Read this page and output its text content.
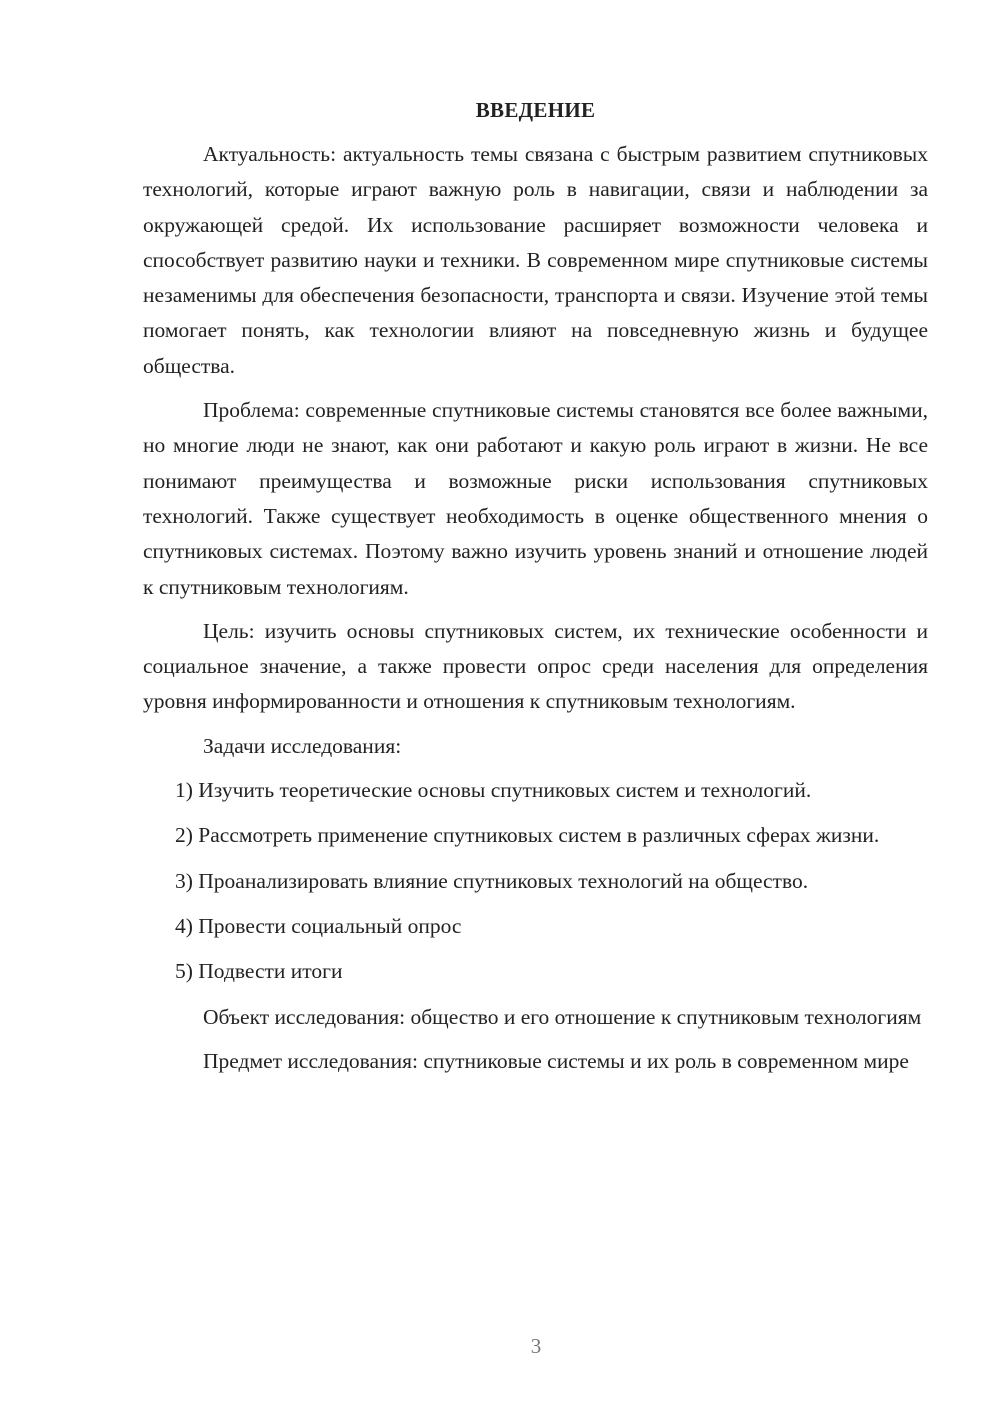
ВВЕДЕНИЕ

Актуальность: актуальность темы связана с быстрым развитием спутниковых технологий, которые играют важную роль в навигации, связи и наблюдении за окружающей средой. Их использование расширяет возможности человека и способствует развитию науки и техники. В современном мире спутниковые системы незаменимы для обеспечения безопасности, транспорта и связи. Изучение этой темы помогает понять, как технологии влияют на повседневную жизнь и будущее общества.

Проблема: современные спутниковые системы становятся все более важными, но многие люди не знают, как они работают и какую роль играют в жизни. Не все понимают преимущества и возможные риски использования спутниковых технологий. Также существует необходимость в оценке общественного мнения о спутниковых системах. Поэтому важно изучить уровень знаний и отношение людей к спутниковым технологиям.

Цель: изучить основы спутниковых систем, их технические особенности и социальное значение, а также провести опрос среди населения для определения уровня информированности и отношения к спутниковым технологиям.

Задачи исследования:

1) Изучить теоретические основы спутниковых систем и технологий.

2) Рассмотреть применение спутниковых систем в различных сферах жизни.

3) Проанализировать влияние спутниковых технологий на общество.

4) Провести социальный опрос

5) Подвести итоги

Объект исследования: общество и его отношение к спутниковым технологиям

Предмет исследования: спутниковые системы и их роль в современном мире

3
